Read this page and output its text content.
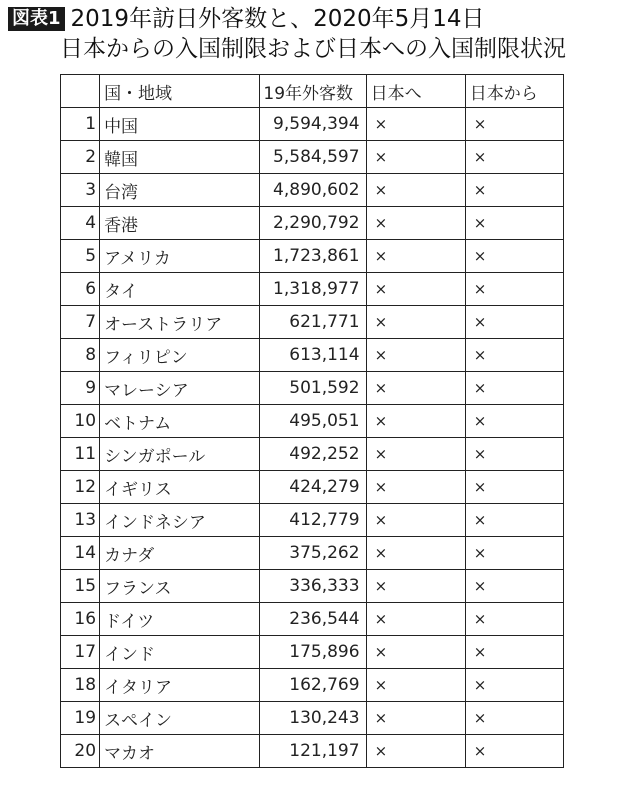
図表1 2019年訪日外客数と、2020年5月14日
日本からの入国制限および日本への入国制限状況
	国・地域	19年外客数	日本へ	日本から
1	中国	9,594,394	×	×
2	韓国	5,584,597	×	×
3	台湾	4,890,602	×	×
4	香港	2,290,792	×	×
5	アメリカ	1,723,861	×	×
6	タイ	1,318,977	×	×
7	オーストラリア	621,771	×	×
8	フィリピン	613,114	×	×
9	マレーシア	501,592	×	×
10	ベトナム	495,051	×	×
11	シンガポール	492,252	×	×
12	イギリス	424,279	×	×
13	インドネシア	412,779	×	×
14	カナダ	375,262	×	×
15	フランス	336,333	×	×
16	ドイツ	236,544	×	×
17	インド	175,896	×	×
18	イタリア	162,769	×	×
19	スペイン	130,243	×	×
20	マカオ	121,197	×	×
